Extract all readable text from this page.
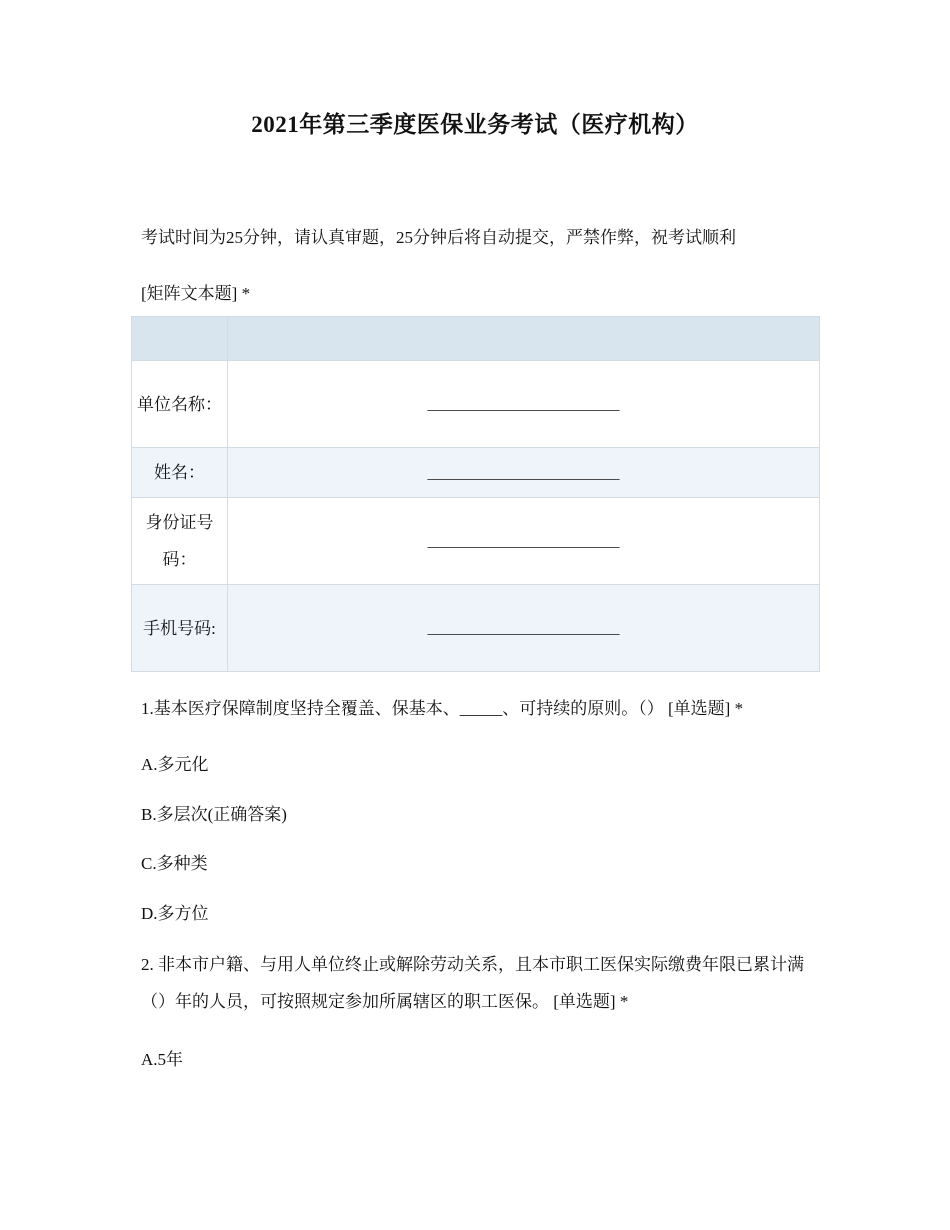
2021年第三季度医保业务考试（医疗机构）
考试时间为25分钟，请认真审题，25分钟后将自动提交，严禁作弊，祝考试顺利
[矩阵文本题] *

单位名称：	________________________
姓名：	________________________
身份证号码：	________________________
手机号码:	________________________
1.基本医疗保障制度坚持全覆盖、保基本、_____、可持续的原则。（） [单选题] *
A.多元化
B.多层次(正确答案)
C.多种类
D.多方位
2. 非本市户籍、与用人单位终止或解除劳动关系，且本市职工医保实际缴费年限已累计满（）年的人员，可按照规定参加所属辖区的职工医保。 [单选题] *
A.5年
